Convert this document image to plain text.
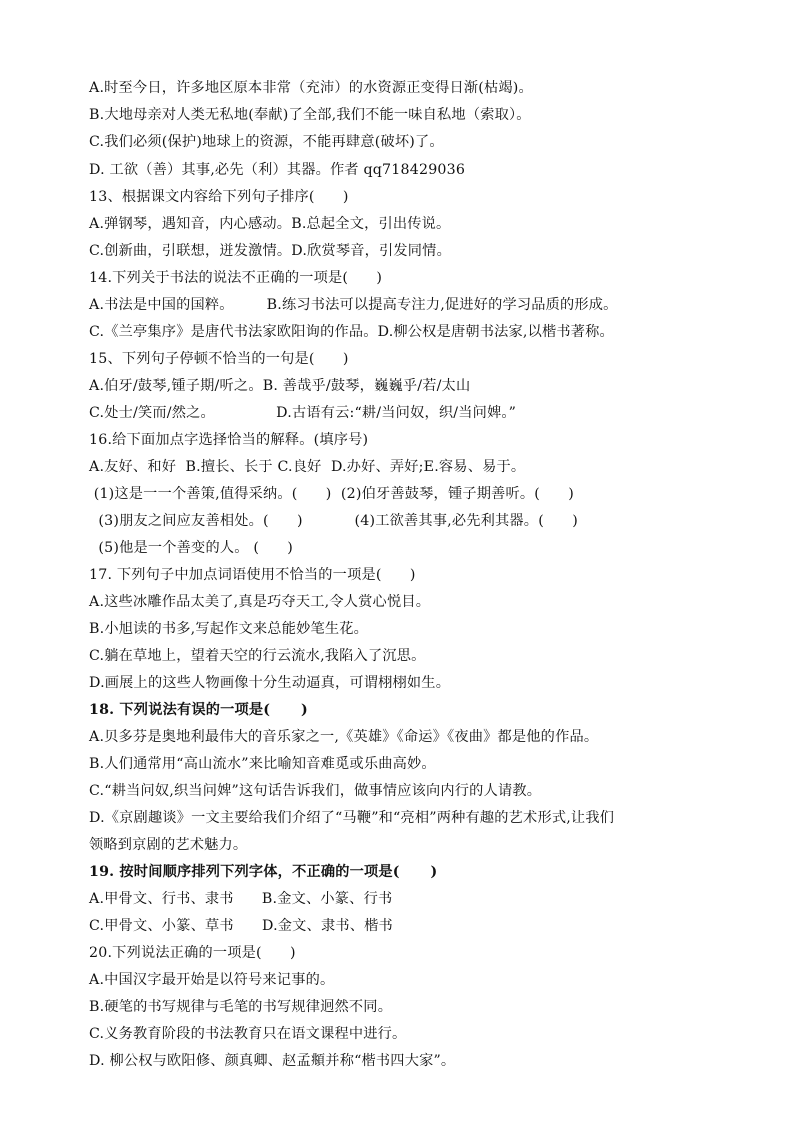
A.时至今日，许多地区原本非常（充沛）的水资源正变得日渐(枯竭)。
B.大地母亲对人类无私地(奉献)了全部,我们不能一味自私地（索取）。
C.我们必须(保护)地球上的资源，不能再肆意(破坏)了。
D. 工欲（善）其事,必先（利）其器。作者 qq718429036
13、根据课文内容给下列句子排序(      )
A.弹钢琴，遇知音，内心感动。B.总起全文，引出传说。
C.创新曲，引联想，迸发激情。D.欣赏琴音，引发同情。
14.下列关于书法的说法不正确的一项是(      )
A.书法是中国的国粹。       B.练习书法可以提高专注力,促进好的学习品质的形成。
C.《兰亭集序》是唐代书法家欧阳询的作品。D.柳公权是唐朝书法家,以楷书著称。
15、下列句子停顿不恰当的一句是(      )
A.伯牙/鼓琴,锺子期/听之。B. 善哉乎/鼓琴，巍巍乎/若/太山
C.处士/笑而/然之。             D.古语有云:“耕/当问奴，织/当问婢。”
16.给下面加点字选择恰当的解释。(填序号)
A.友好、和好  B.擅长、长于 C.良好  D.办好、弄好;E.容易、易于。
(1)这是一一个善策,值得采纳。(      )  (2)伯牙善鼓琴，锺子期善听。(      )
(3)朋友之间应友善相处。(      )           (4)工欲善其事,必先利其器。(      )
(5)他是一个善变的人。 (      )
17. 下列句子中加点词语使用不恰当的一项是(      )
A.这些冰雕作品太美了,真是巧夺天工,令人赏心悦目。
B.小旭读的书多,写起作文来总能妙笔生花。
C.躺在草地上，望着天空的行云流水,我陷入了沉思。
D.画展上的这些人物画像十分生动逼真，可谓栩栩如生。
18. 下列说法有误的一项是(      )
A.贝多芬是奥地利最伟大的音乐家之一,《英雄》《命运》《夜曲》都是他的作品。
B.人们通常用“高山流水”来比喻知音难觅或乐曲高妙。
C.“耕当问奴,织当问婢”这句话告诉我们，做事情应该向内行的人请教。
D.《京剧趣谈》一文主要给我们介绍了“马鞭”和“亮相”两种有趣的艺术形式,让我们
领略到京剧的艺术魅力。
19. 按时间顺序排列下列字体，不正确的一项是(      )
A.甲骨文、行书、隶书      B.金文、小篆、行书
C.甲骨文、小篆、草书      D.金文、隶书、楷书
20.下列说法正确的一项是(      )
A.中国汉字最开始是以符号来记事的。
B.硬笔的书写规律与毛笔的书写规律迥然不同。
C.义务教育阶段的书法教育只在语文课程中进行。
D. 柳公权与欧阳修、颜真卿、赵孟頫并称“楷书四大家”。
